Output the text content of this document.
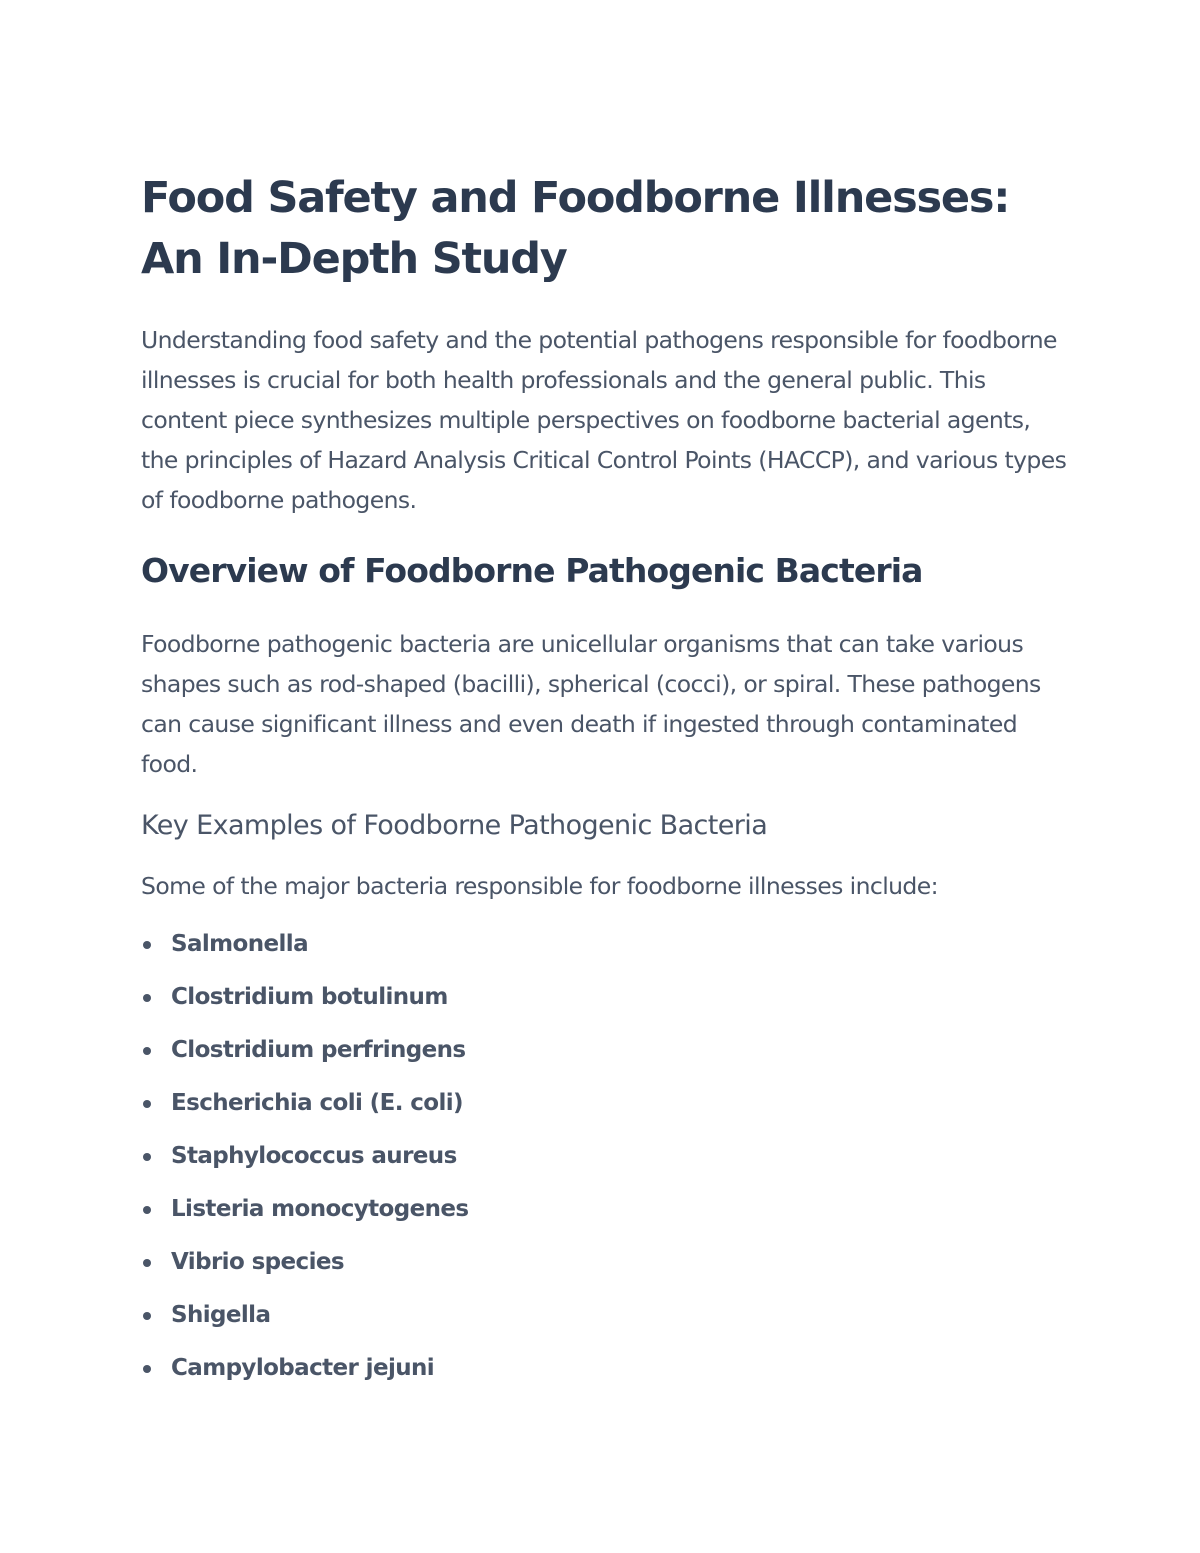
Food Safety and Foodborne Illnesses:
An In-Depth Study

Understanding food safety and the potential pathogens responsible for foodborne illnesses is crucial for both health professionals and the general public. This content piece synthesizes multiple perspectives on foodborne bacterial agents, the principles of Hazard Analysis Critical Control Points (HACCP), and various types of foodborne pathogens.

Overview of Foodborne Pathogenic Bacteria

Foodborne pathogenic bacteria are unicellular organisms that can take various shapes such as rod-shaped (bacilli), spherical (cocci), or spiral. These pathogens can cause significant illness and even death if ingested through contaminated food.

Key Examples of Foodborne Pathogenic Bacteria

Some of the major bacteria responsible for foodborne illnesses include:

Salmonella
Clostridium botulinum
Clostridium perfringens
Escherichia coli (E. coli)
Staphylococcus aureus
Listeria monocytogenes
Vibrio species
Shigella
Campylobacter jejuni
